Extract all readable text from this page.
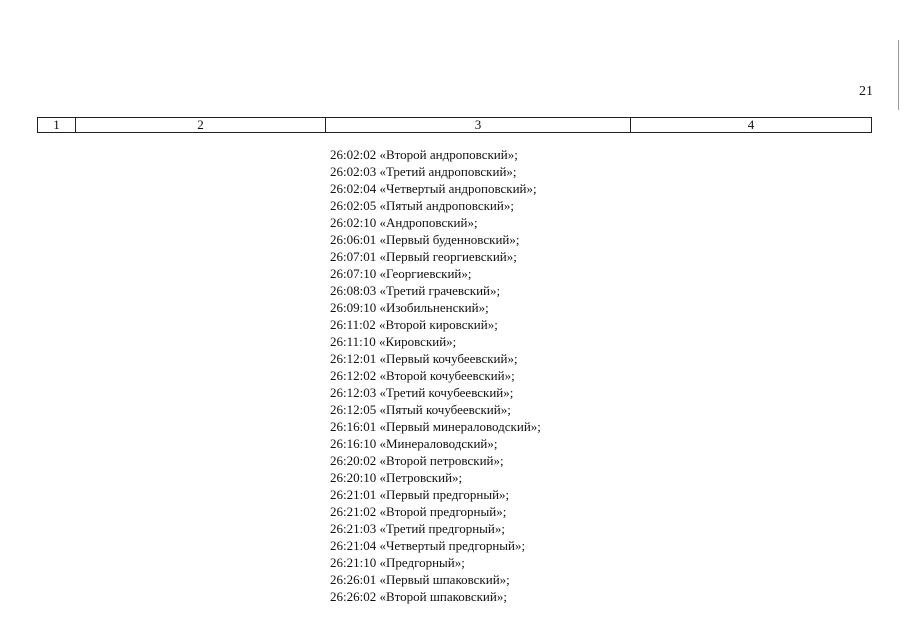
21
1	2	3	4
26:02:02 «Второй андроповский»;
26:02:03 «Третий андроповский»;
26:02:04 «Четвертый андроповский»;
26:02:05 «Пятый андроповский»;
26:02:10 «Андроповский»;
26:06:01 «Первый буденновский»;
26:07:01 «Первый георгиевский»;
26:07:10 «Георгиевский»;
26:08:03 «Третий грачевский»;
26:09:10 «Изобильненский»;
26:11:02 «Второй кировский»;
26:11:10 «Кировский»;
26:12:01 «Первый кочубеевский»;
26:12:02 «Второй кочубеевский»;
26:12:03 «Третий кочубеевский»;
26:12:05 «Пятый кочубеевский»;
26:16:01 «Первый минераловодский»;
26:16:10 «Минераловодский»;
26:20:02 «Второй петровский»;
26:20:10 «Петровский»;
26:21:01 «Первый предгорный»;
26:21:02 «Второй предгорный»;
26:21:03 «Третий предгорный»;
26:21:04 «Четвертый предгорный»;
26:21:10 «Предгорный»;
26:26:01 «Первый шпаковский»;
26:26:02 «Второй шпаковский»;
